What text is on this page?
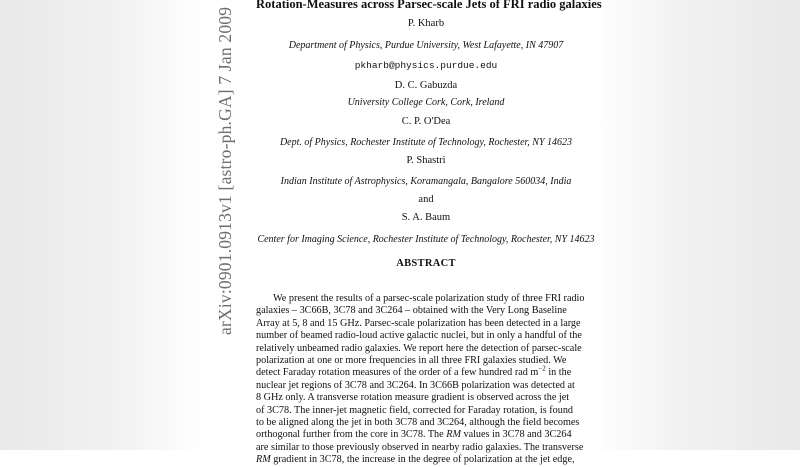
arXiv:0901.0913v1 [astro-ph.GA] 7 Jan 2009
Rotation-Measures across Parsec-scale Jets of FRI radio galaxies
P. Kharb
Department of Physics, Purdue University, West Lafayette, IN 47907
pkharb@physics.purdue.edu
D. C. Gabuzda
University College Cork, Cork, Ireland
C. P. O'Dea
Dept. of Physics, Rochester Institute of Technology, Rochester, NY 14623
P. Shastri
Indian Institute of Astrophysics, Koramangala, Bangalore 560034, India
and
S. A. Baum
Center for Imaging Science, Rochester Institute of Technology, Rochester, NY 14623
ABSTRACT
We present the results of a parsec-scale polarization study of three FRI radio
galaxies – 3C66B, 3C78 and 3C264 – obtained with the Very Long Baseline
Array at 5, 8 and 15 GHz. Parsec-scale polarization has been detected in a large
number of beamed radio-loud active galactic nuclei, but in only a handful of the
relatively unbeamed radio galaxies. We report here the detection of parsec-scale
polarization at one or more frequencies in all three FRI galaxies studied. We
detect Faraday rotation measures of the order of a few hundred rad $m^{-2}$ in the
nuclear jet regions of 3C78 and 3C264. In 3C66B polarization was detected at
8 GHz only. A transverse rotation measure gradient is observed across the jet
of 3C78. The inner-jet magnetic field, corrected for Faraday rotation, is found
to be aligned along the jet in both 3C78 and 3C264, although the field becomes
orthogonal further from the core in 3C78. The RM values in 3C78 and 3C264
are similar to those previously observed in nearby radio galaxies. The transverse
RM gradient in 3C78, the increase in the degree of polarization at the jet edge,
